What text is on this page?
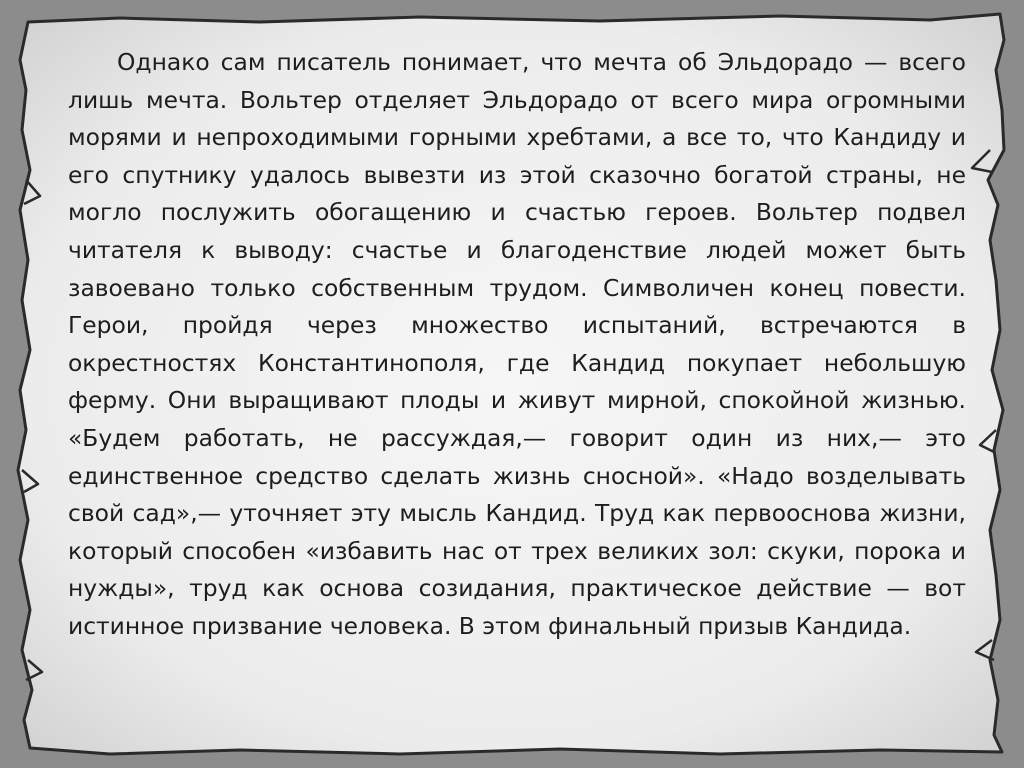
Однако сам писатель понимает, что мечта об Эльдорадо — всего лишь мечта. Вольтер отделяет Эльдорадо от всего мира огромными морями и непроходимыми горными хребтами, а все то, что Кандиду и его спутнику удалось вывезти из этой сказочно богатой страны, не могло послужить обогащению и счастью героев. Вольтер подвел читателя к выводу: счастье и благоденствие людей может быть завоевано только собственным трудом. Символичен конец повести. Герои, пройдя через множество испытаний, встречаются в окрестностях Константинополя, где Кандид покупает небольшую ферму. Они выращивают плоды и живут мирной, спокойной жизнью. «Будем работать, не рассуждая,— говорит один из них,— это единственное средство сделать жизнь сносной». «Надо возделывать свой сад»,— уточняет эту мысль Кандид. Труд как первооснова жизни, который способен «избавить нас от трех великих зол: скуки, порока и нужды», труд как основа созидания, практическое действие — вот истинное призвание человека. В этом финальный призыв Кандида.
